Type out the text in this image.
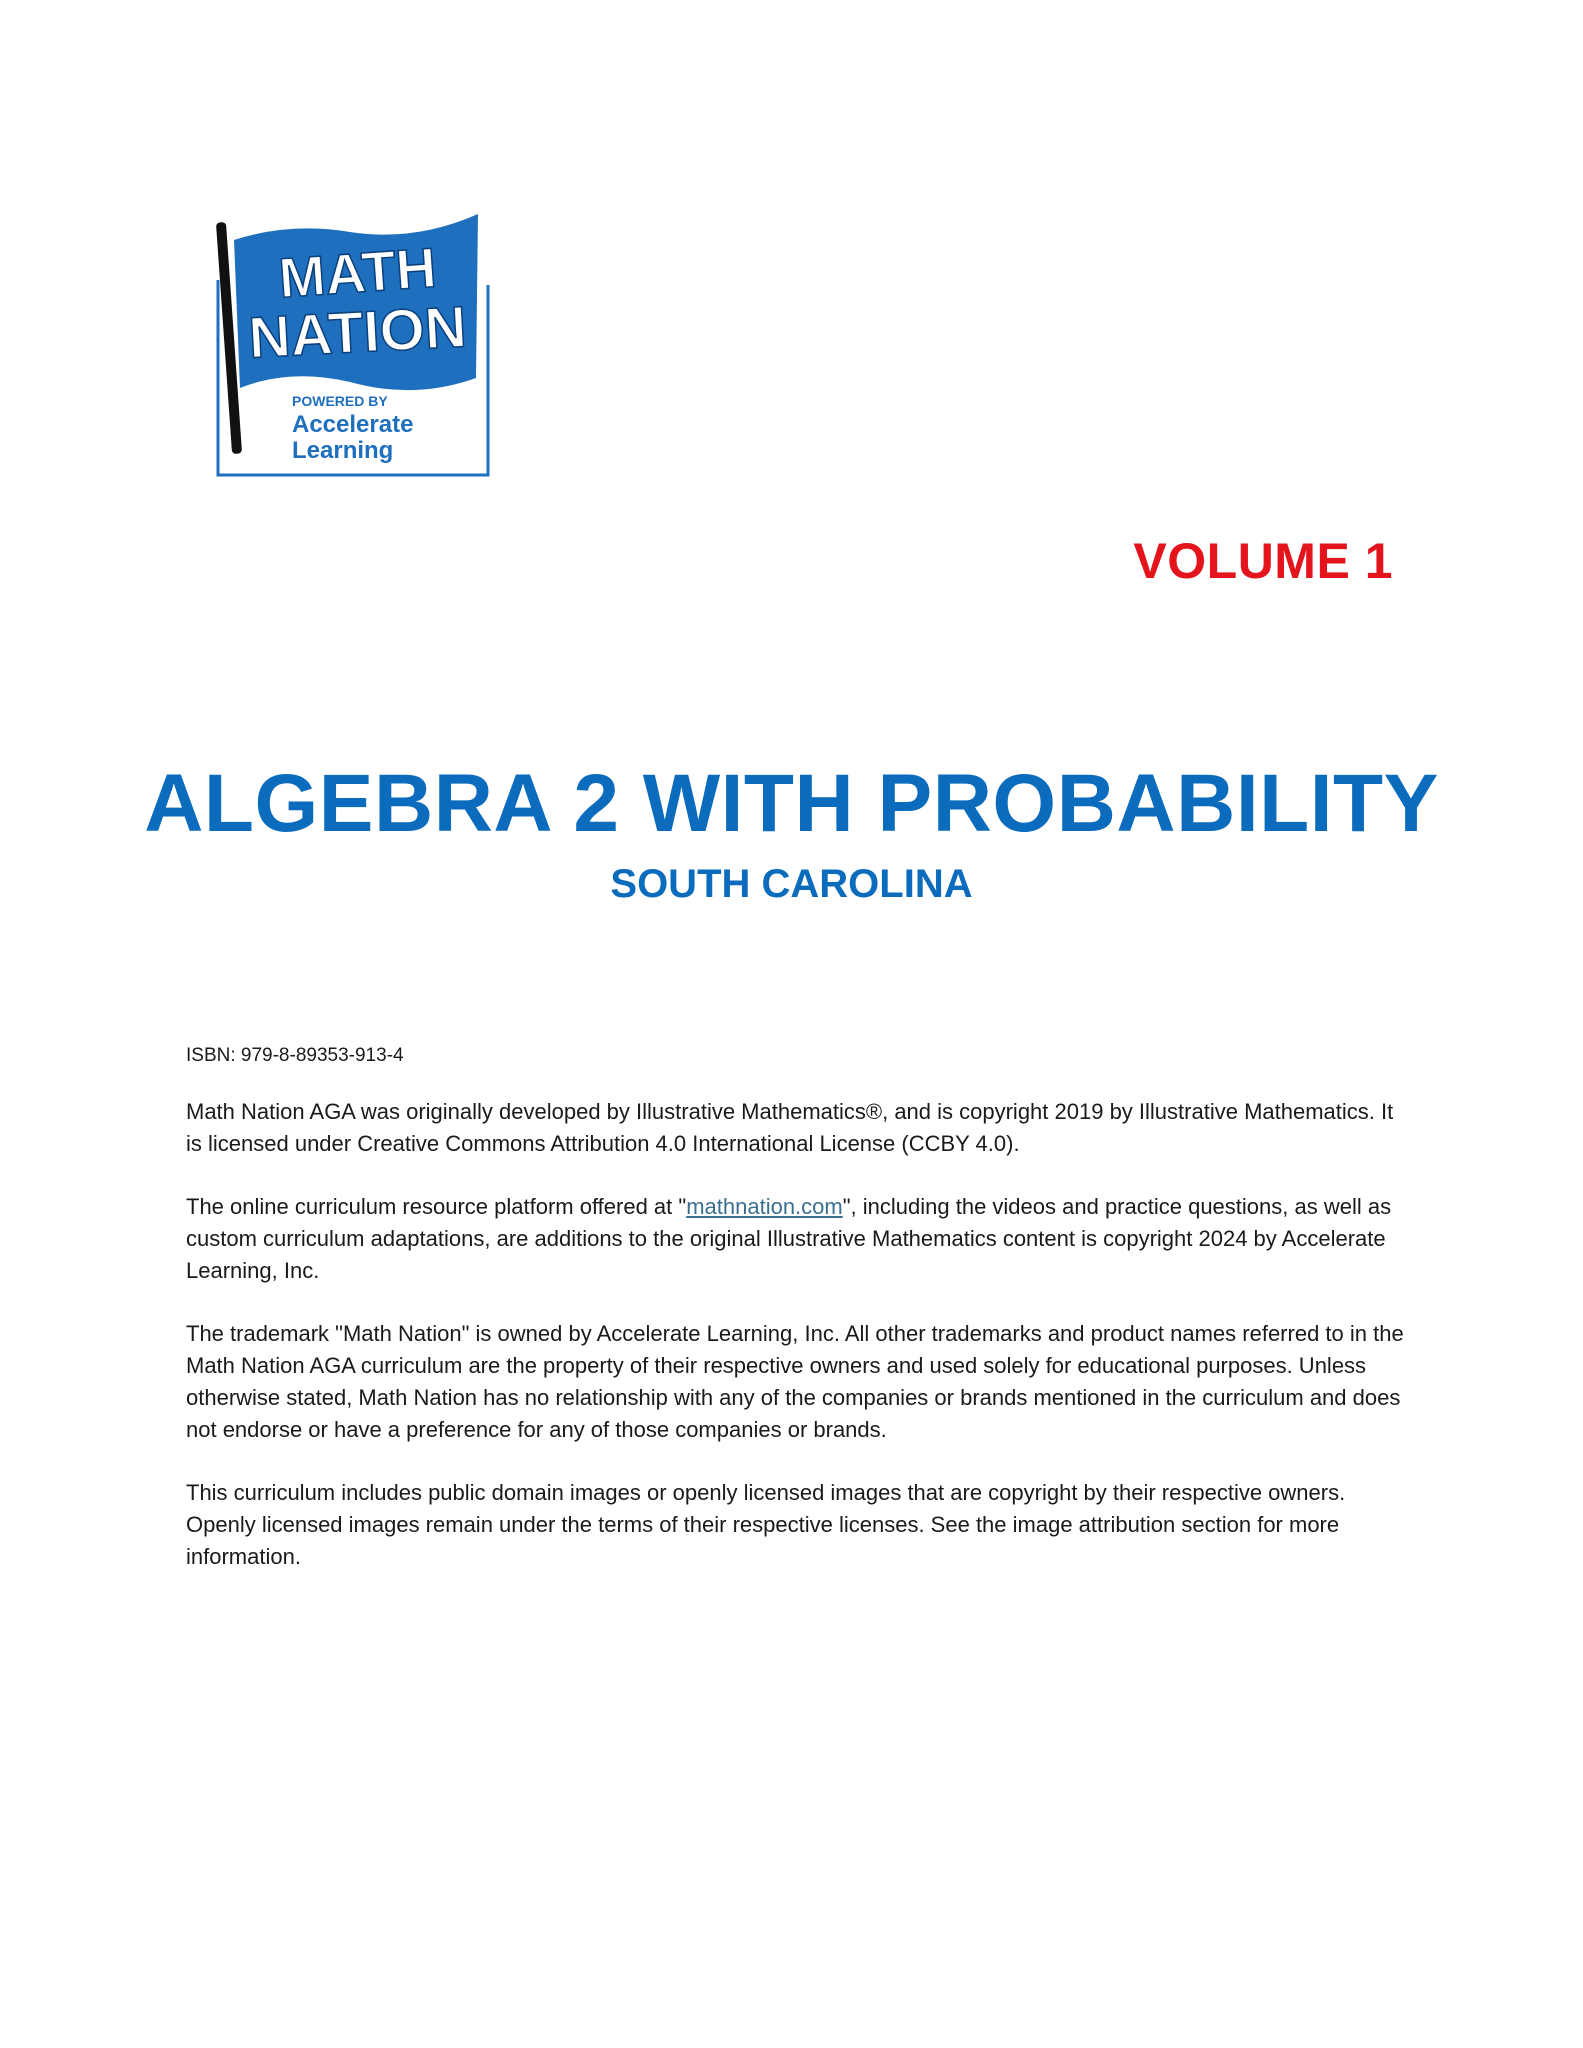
MATH
NATION
POWERED BY
Accelerate
Learning

VOLUME 1

ALGEBRA 2 WITH PROBABILITY
SOUTH CAROLINA

ISBN: 979-8-89353-913-4

Math Nation AGA was originally developed by Illustrative Mathematics®, and is copyright 2019 by Illustrative Mathematics. It is licensed under Creative Commons Attribution 4.0 International License (CCBY 4.0).

The online curriculum resource platform offered at "mathnation.com", including the videos and practice questions, as well as custom curriculum adaptations, are additions to the original Illustrative Mathematics content is copyright 2024 by Accelerate Learning, Inc.

The trademark "Math Nation" is owned by Accelerate Learning, Inc. All other trademarks and product names referred to in the Math Nation AGA curriculum are the property of their respective owners and used solely for educational purposes. Unless otherwise stated, Math Nation has no relationship with any of the companies or brands mentioned in the curriculum and does not endorse or have a preference for any of those companies or brands.

This curriculum includes public domain images or openly licensed images that are copyright by their respective owners. Openly licensed images remain under the terms of their respective licenses. See the image attribution section for more information.
